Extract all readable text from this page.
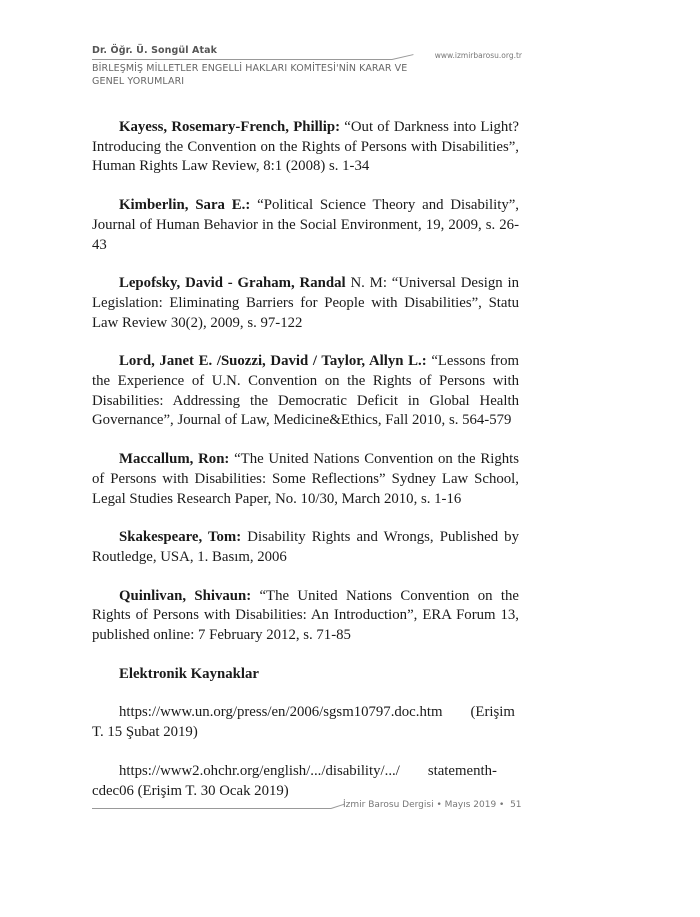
Dr. Öğr. Ü. Songül Atak	www.izmirbarosu.org.tr
BİRLEŞMİŞ MİLLETLER ENGELLİ HAKLARI KOMİTESİ'NİN KARAR VE GENEL YORUMLARI

Kayess, Rosemary-French, Phillip: “Out of Darkness into Light? Introducing the Convention on the Rights of Persons with Disabilities”, Human Rights Law Review, 8:1 (2008) s. 1-34

Kimberlin, Sara E.: “Political Science Theory and Disability”, Journal of Human Behavior in the Social Environment, 19, 2009, s. 26-43

Lepofsky, David - Graham, Randal N. M: “Universal Design in Legislation: Eliminating Barriers for People with Disabilities”, Statu Law Review 30(2), 2009, s. 97-122

Lord, Janet E. /Suozzi, David / Taylor, Allyn L.: “Lessons from the Experience of U.N. Convention on the Rights of Persons with Disabilities: Addressing the Democratic Deficit in Global Health Governance”, Journal of Law, Medicine&Ethics, Fall 2010, s. 564-579

Maccallum, Ron: “The United Nations Convention on the Rights of Persons with Disabilities: Some Reflections” Sydney Law School, Legal Studies Research Paper, No. 10/30, March 2010, s. 1-16

Skakespeare, Tom: Disability Rights and Wrongs, Published by Routledge, USA, 1. Basım, 2006

Quinlivan, Shivaun: “The United Nations Convention on the Rights of Persons with Disabilities: An Introduction”, ERA Forum 13, published online: 7 February 2012, s. 71-85

Elektronik Kaynaklar

https://www.un.org/press/en/2006/sgsm10797.doc.htm (Erişim T. 15 Şubat 2019)

https://www2.ohchr.org/english/.../disability/.../ statementh-cdec06 (Erişim T. 30 Ocak 2019)

İzmir Barosu Dergisi • Mayıs 2019 •  51
